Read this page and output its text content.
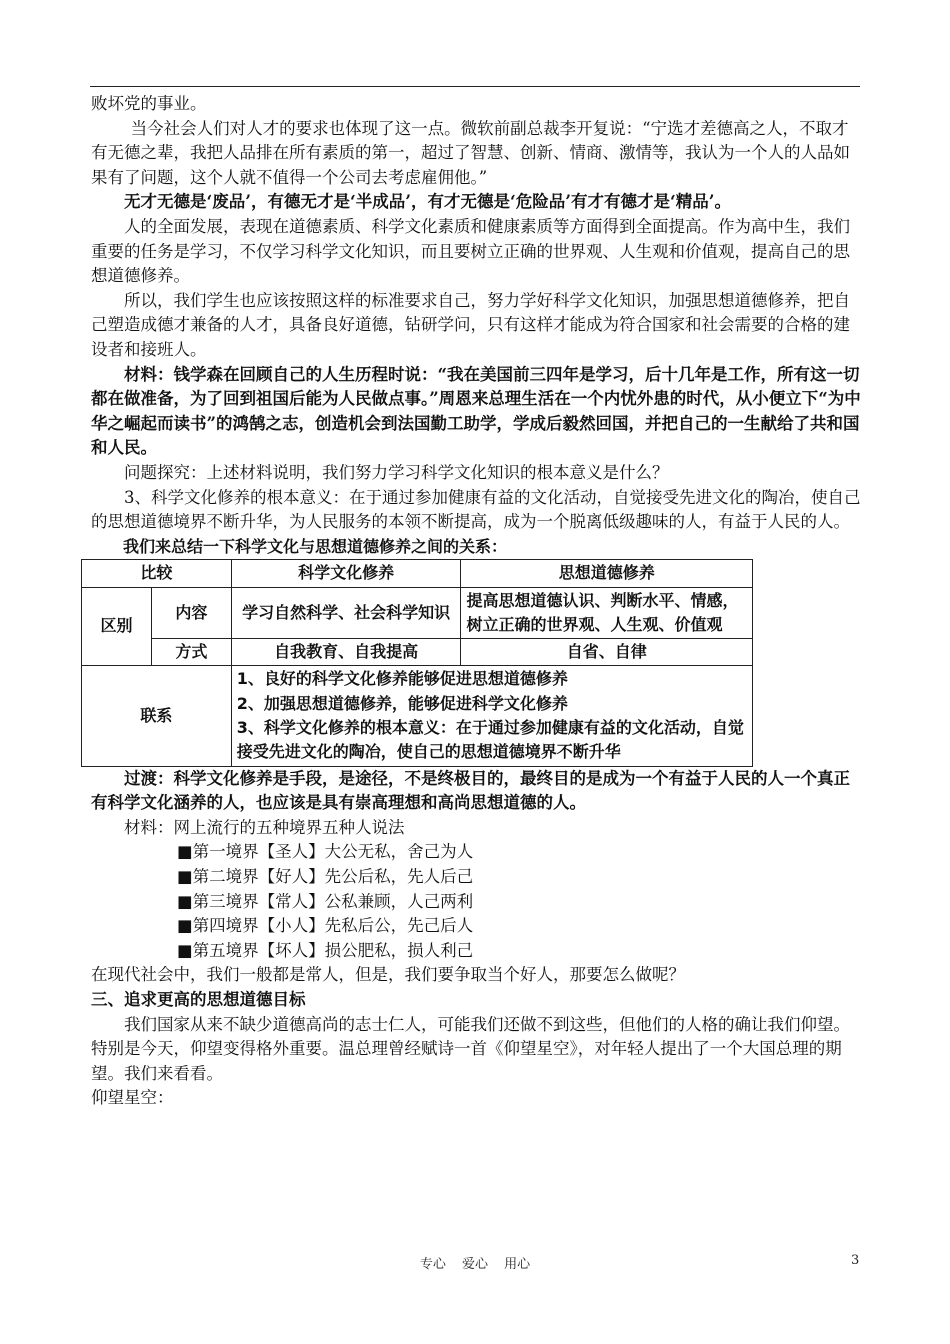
败坏党的事业。

当今社会人们对人才的要求也体现了这一点。微软前副总裁李开复说：“宁选才差德高之人，不取才有无德之辈，我把人品排在所有素质的第一，超过了智慧、创新、情商、激情等，我认为一个人的人品如果有了问题，这个人就不值得一个公司去考虑雇佣他。”

无才无德是‘废品’，有德无才是‘半成品’，有才无德是‘危险品’有才有德才是‘精品’。

人的全面发展，表现在道德素质、科学文化素质和健康素质等方面得到全面提高。作为高中生，我们重要的任务是学习，不仅学习科学文化知识，而且要树立正确的世界观、人生观和价值观，提高自己的思想道德修养。

所以，我们学生也应该按照这样的标准要求自己，努力学好科学文化知识，加强思想道德修养，把自己塑造成德才兼备的人才，具备良好道德，钻研学问，只有这样才能成为符合国家和社会需要的合格的建设者和接班人。

材料：钱学森在回顾自己的人生历程时说：“我在美国前三四年是学习，后十几年是工作，所有这一切都在做准备，为了回到祖国后能为人民做点事。”周恩来总理生活在一个内忧外患的时代，从小便立下“为中华之崛起而读书”的鸿鹄之志，创造机会到法国勤工助学，学成后毅然回国，并把自己的一生献给了共和国和人民。

问题探究：上述材料说明，我们努力学习科学文化知识的根本意义是什么？

3、科学文化修养的根本意义：在于通过参加健康有益的文化活动，自觉接受先进文化的陶冶，使自己的思想道德境界不断升华，为人民服务的本领不断提高，成为一个脱离低级趣味的人，有益于人民的人。

我们来总结一下科学文化与思想道德修养之间的关系：

比较		科学文化修养	思想道德修养
区别	内容	学习自然科学、社会科学知识	提高思想道德认识、判断水平、情感，树立正确的世界观、人生观、价值观
	方式	自我教育、自我提高	自省、自律
联系		1、良好的科学文化修养能够促进思想道德修养
2、加强思想道德修养，能够促进科学文化修养
3、科学文化修养的根本意义：在于通过参加健康有益的文化活动，自觉接受先进文化的陶冶，使自己的思想道德境界不断升华	

过渡：科学文化修养是手段，是途径，不是终极目的，最终目的是成为一个有益于人民的人一个真正有科学文化涵养的人，也应该是具有崇高理想和高尚思想道德的人。

材料：网上流行的五种境界五种人说法

■第一境界【圣人】大公无私，舍己为人

■第二境界【好人】先公后私，先人后己

■第三境界【常人】公私兼顾，人己两利

■第四境界【小人】先私后公，先己后人

■第五境界【坏人】损公肥私，损人利己

在现代社会中，我们一般都是常人，但是，我们要争取当个好人，那要怎么做呢？

三、追求更高的思想道德目标

我们国家从来不缺少道德高尚的志士仁人，可能我们还做不到这些，但他们的人格的确让我们仰望。特别是今天，仰望变得格外重要。温总理曾经赋诗一首《仰望星空》，对年轻人提出了一个大国总理的期望。我们来看看。

仰望星空：

专心 爱心 用心	3
